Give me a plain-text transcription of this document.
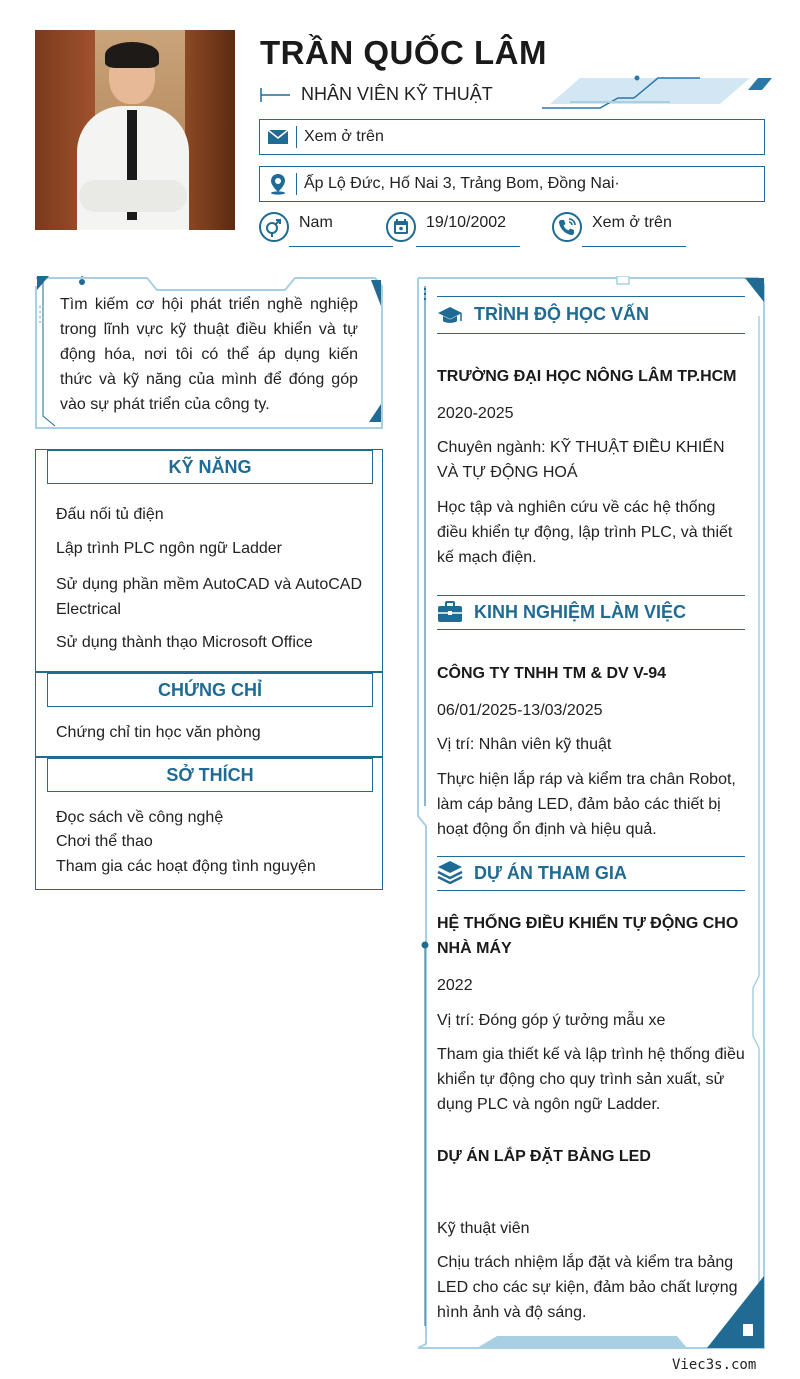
TRẦN QUỐC LÂM
NHÂN VIÊN KỸ THUẬT
Xem ở trên
Ấp Lộ Đức, Hố Nai 3, Trảng Bom, Đồng Nai·
Nam	19/10/2002	Xem ở trên
Tìm kiếm cơ hội phát triển nghề nghiệp trong lĩnh vực kỹ thuật điều khiển và tự động hóa, nơi tôi có thể áp dụng kiến thức và kỹ năng của mình để đóng góp vào sự phát triển của công ty.
KỸ NĂNG
Đấu nối tủ điện
Lập trình PLC ngôn ngữ Ladder
Sử dụng phần mềm AutoCAD và AutoCAD Electrical
Sử dụng thành thạo Microsoft Office
CHỨNG CHỈ
Chứng chỉ tin học văn phòng
SỞ THÍCH
Đọc sách về công nghệ
Chơi thể thao
Tham gia các hoạt động tình nguyện
TRÌNH ĐỘ HỌC VẤN
TRƯỜNG ĐẠI HỌC NÔNG LÂM TP.HCM
2020-2025
Chuyên ngành: KỸ THUẬT ĐIỀU KHIỂN VÀ TỰ ĐỘNG HOÁ
Học tập và nghiên cứu về các hệ thống điều khiển tự động, lập trình PLC, và thiết kế mạch điện.
KINH NGHIỆM LÀM VIỆC
CÔNG TY TNHH TM & DV V-94
06/01/2025-13/03/2025
Vị trí: Nhân viên kỹ thuật
Thực hiện lắp ráp và kiểm tra chân Robot, làm cáp bảng LED, đảm bảo các thiết bị hoạt động ổn định và hiệu quả.
DỰ ÁN THAM GIA
HỆ THỐNG ĐIỀU KHIỂN TỰ ĐỘNG CHO NHÀ MÁY
2022
Vị trí: Đóng góp ý tưởng mẫu xe
Tham gia thiết kế và lập trình hệ thống điều khiển tự động cho quy trình sản xuất, sử dụng PLC và ngôn ngữ Ladder.
DỰ ÁN LẮP ĐẶT BẢNG LED
Kỹ thuật viên
Chịu trách nhiệm lắp đặt và kiểm tra bảng LED cho các sự kiện, đảm bảo chất lượng hình ảnh và độ sáng.
Viec3s.com
